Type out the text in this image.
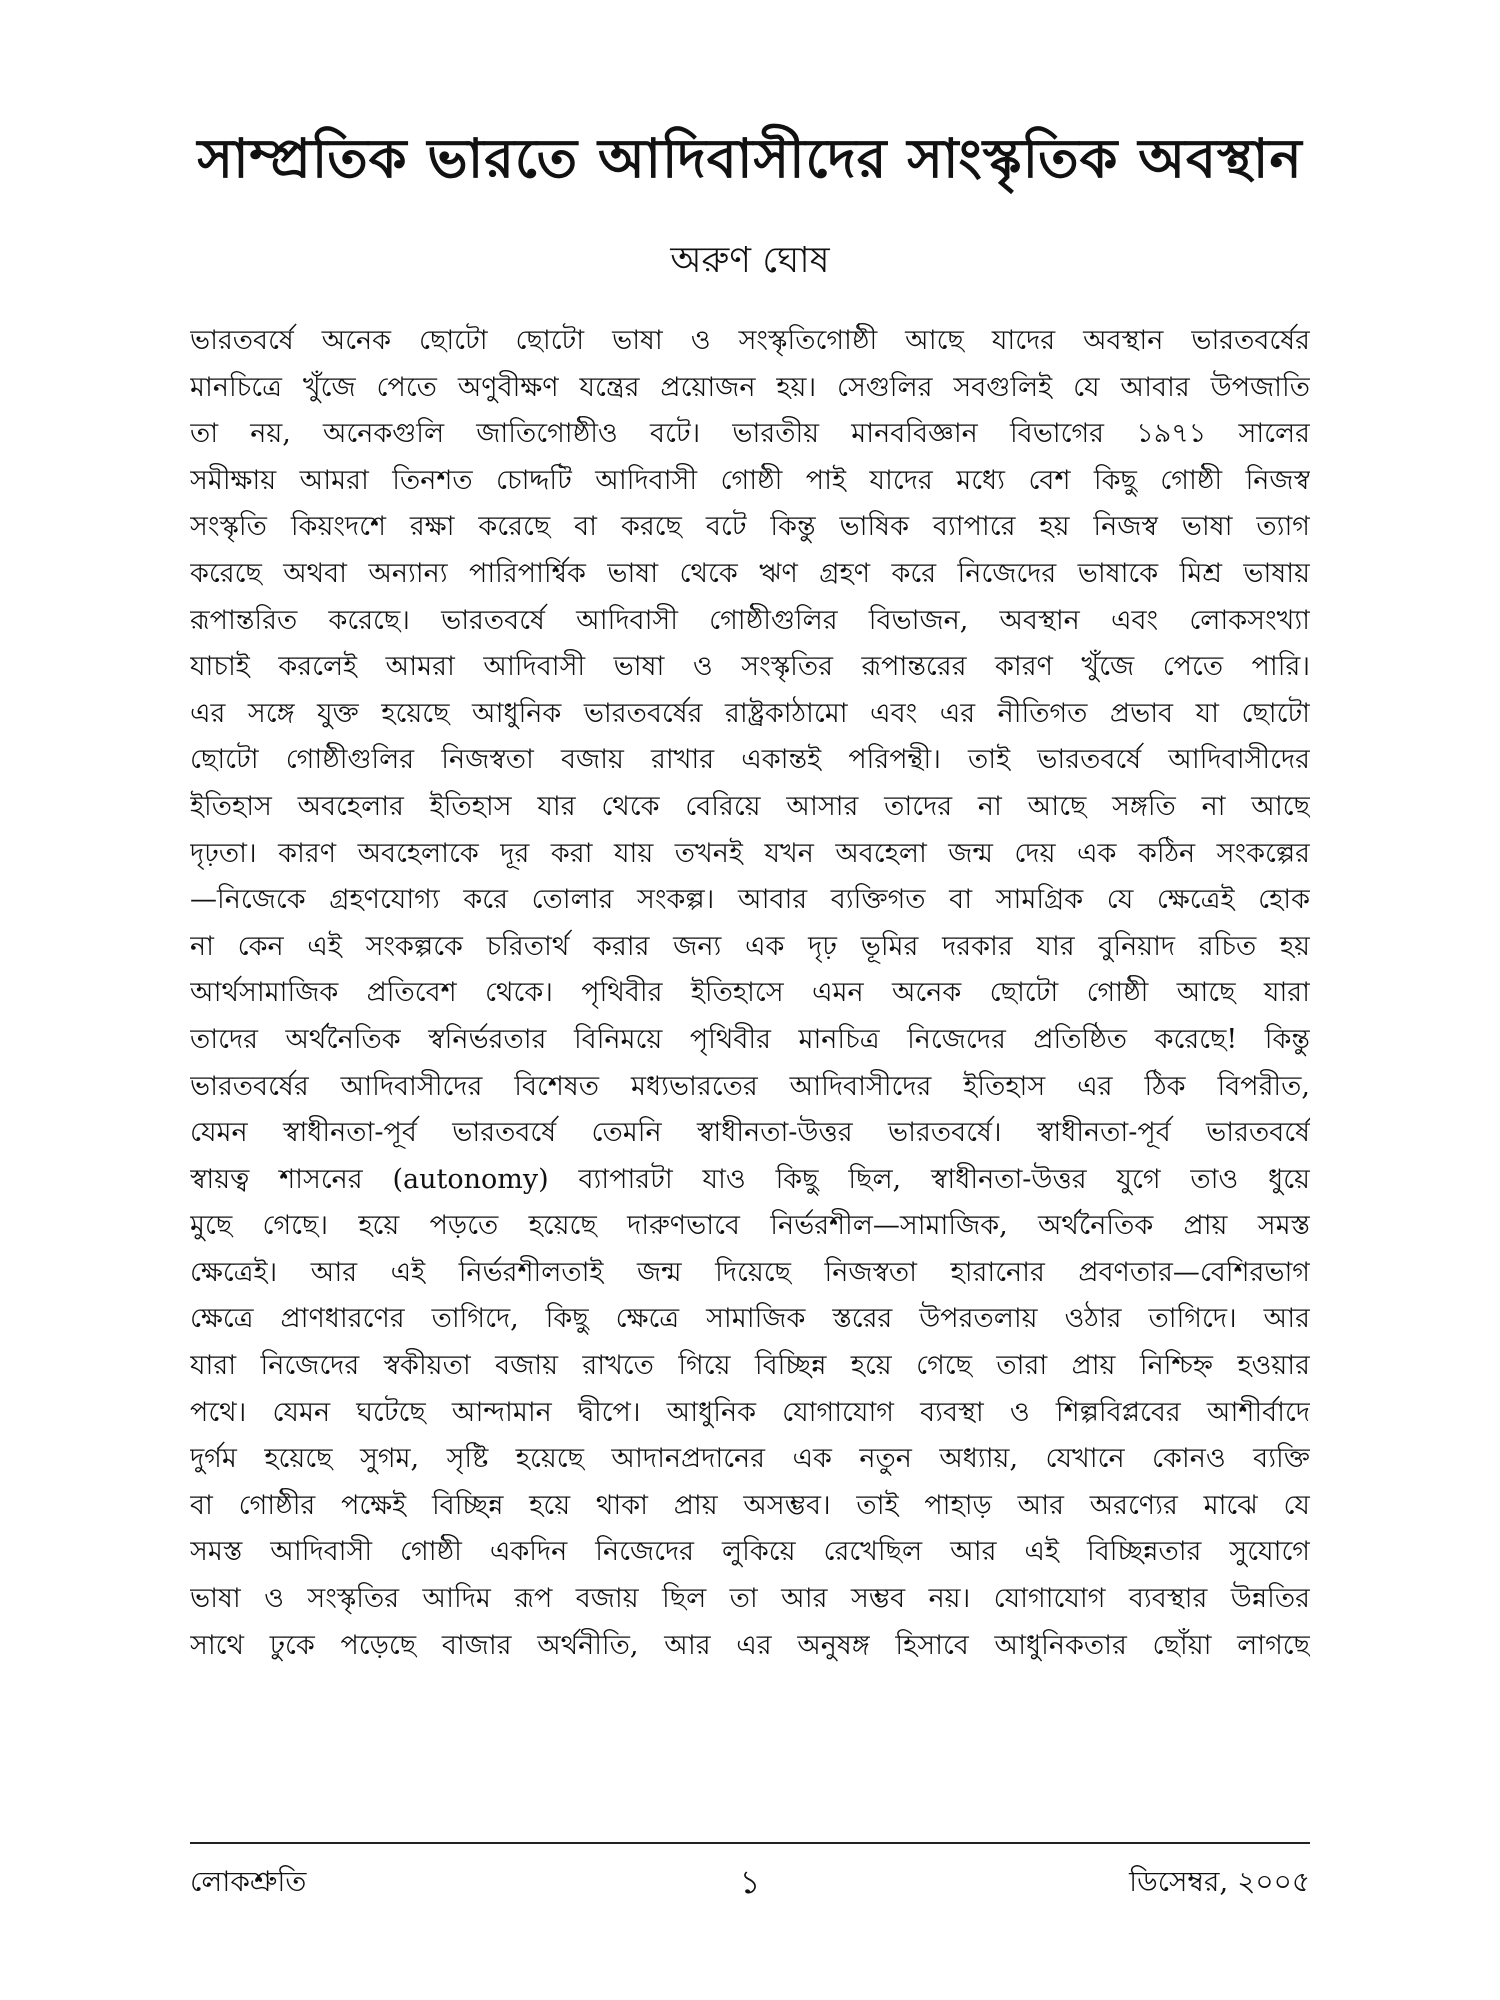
সাম্প্রতিক ভারতে আদিবাসীদের সাংস্কৃতিক অবস্থান
অরুণ ঘোষ
ভারতবর্ষে অনেক ছোটো ছোটো ভাষা ও সংস্কৃতিগোষ্ঠী আছে যাদের অবস্থান ভারতবর্ষের
মানচিত্রে খুঁজে পেতে অণুবীক্ষণ যন্ত্রের প্রয়োজন হয়। সেগুলির সবগুলিই যে আবার উপজাতি
তা নয়, অনেকগুলি জাতিগোষ্ঠীও বটে। ভারতীয় মানববিজ্ঞান বিভাগের ১৯৭১ সালের
সমীক্ষায় আমরা তিনশত চোদ্দটি আদিবাসী গোষ্ঠী পাই যাদের মধ্যে বেশ কিছু গোষ্ঠী নিজস্ব
সংস্কৃতি কিয়ংদশে রক্ষা করেছে বা করছে বটে কিন্তু ভাষিক ব্যাপারে হয় নিজস্ব ভাষা ত্যাগ
করেছে অথবা অন্যান্য পারিপার্শ্বিক ভাষা থেকে ঋণ গ্রহণ করে নিজেদের ভাষাকে মিশ্র ভাষায়
রূপান্তরিত করেছে। ভারতবর্ষে আদিবাসী গোষ্ঠীগুলির বিভাজন, অবস্থান এবং লোকসংখ্যা
যাচাই করলেই আমরা আদিবাসী ভাষা ও সংস্কৃতির রূপান্তরের কারণ খুঁজে পেতে পারি।
এর সঙ্গে যুক্ত হয়েছে আধুনিক ভারতবর্ষের রাষ্ট্রকাঠামো এবং এর নীতিগত প্রভাব যা ছোটো
ছোটো গোষ্ঠীগুলির নিজস্বতা বজায় রাখার একান্তই পরিপন্থী। তাই ভারতবর্ষে আদিবাসীদের
ইতিহাস অবহেলার ইতিহাস যার থেকে বেরিয়ে আসার তাদের না আছে সঙ্গতি না আছে
দৃঢ়তা। কারণ অবহেলাকে দূর করা যায় তখনই যখন অবহেলা জন্ম দেয় এক কঠিন সংকল্পের
—নিজেকে গ্রহণযোগ্য করে তোলার সংকল্প। আবার ব্যক্তিগত বা সামগ্রিক যে ক্ষেত্রেই হোক
না কেন এই সংকল্পকে চরিতার্থ করার জন্য এক দৃঢ় ভূমির দরকার যার বুনিয়াদ রচিত হয়
আর্থসামাজিক প্রতিবেশ থেকে। পৃথিবীর ইতিহাসে এমন অনেক ছোটো গোষ্ঠী আছে যারা
তাদের অর্থনৈতিক স্বনির্ভরতার বিনিময়ে পৃথিবীর মানচিত্র নিজেদের প্রতিষ্ঠিত করেছে! কিন্তু
ভারতবর্ষের আদিবাসীদের বিশেষত মধ্যভারতের আদিবাসীদের ইতিহাস এর ঠিক বিপরীত,
যেমন স্বাধীনতা-পূর্ব ভারতবর্ষে তেমনি স্বাধীনতা-উত্তর ভারতবর্ষে। স্বাধীনতা-পূর্ব ভারতবর্ষে
স্বায়ত্ব শাসনের (autonomy) ব্যাপারটা যাও কিছু ছিল, স্বাধীনতা-উত্তর যুগে তাও ধুয়ে
মুছে গেছে। হয়ে পড়তে হয়েছে দারুণভাবে নির্ভরশীল—সামাজিক, অর্থনৈতিক প্রায় সমস্ত
ক্ষেত্রেই। আর এই নির্ভরশীলতাই জন্ম দিয়েছে নিজস্বতা হারানোর প্রবণতার—বেশিরভাগ
ক্ষেত্রে প্রাণধারণের তাগিদে, কিছু ক্ষেত্রে সামাজিক স্তরের উপরতলায় ওঠার তাগিদে। আর
যারা নিজেদের স্বকীয়তা বজায় রাখতে গিয়ে বিচ্ছিন্ন হয়ে গেছে তারা প্রায় নিশ্চিহ্ন হওয়ার
পথে। যেমন ঘটেছে আন্দামান দ্বীপে। আধুনিক যোগাযোগ ব্যবস্থা ও শিল্পবিপ্লবের আশীর্বাদে
দুর্গম হয়েছে সুগম, সৃষ্টি হয়েছে আদানপ্রদানের এক নতুন অধ্যায়, যেখানে কোনও ব্যক্তি
বা গোষ্ঠীর পক্ষেই বিচ্ছিন্ন হয়ে থাকা প্রায় অসম্ভব। তাই পাহাড় আর অরণ্যের মাঝে যে
সমস্ত আদিবাসী গোষ্ঠী একদিন নিজেদের লুকিয়ে রেখেছিল আর এই বিচ্ছিন্নতার সুযোগে
ভাষা ও সংস্কৃতির আদিম রূপ বজায় ছিল তা আর সম্ভব নয়। যোগাযোগ ব্যবস্থার উন্নতির
সাথে ঢুকে পড়েছে বাজার অর্থনীতি, আর এর অনুষঙ্গ হিসাবে আধুনিকতার ছোঁয়া লাগছে
লোকশ্রুতি	১	ডিসেম্বর, ২০০৫
